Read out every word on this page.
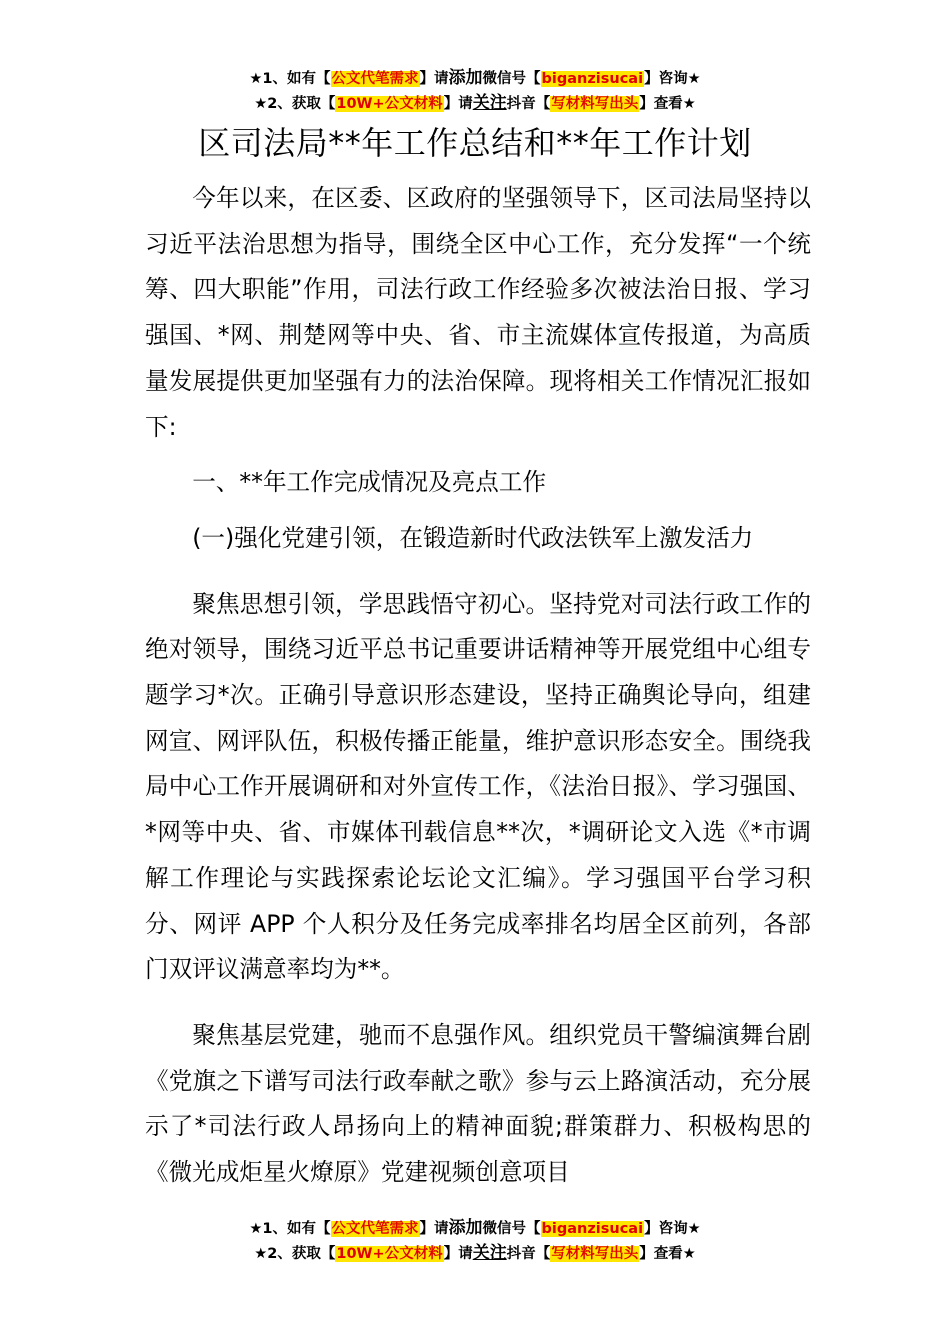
★1、如有【公文代笔需求】请添加微信号【biganzisucai】咨询★
★2、获取【10W+公文材料】请关注抖音【写材料写出头】查看★
区司法局**年工作总结和**年工作计划

今年以来，在区委、区政府的坚强领导下，区司法局坚持以习近平法治思想为指导，围绕全区中心工作，充分发挥“一个统筹、四大职能”作用，司法行政工作经验多次被法治日报、学习强国、*网、荆楚网等中央、省、市主流媒体宣传报道，为高质量发展提供更加坚强有力的法治保障。现将相关工作情况汇报如下:

一、**年工作完成情况及亮点工作

(一)强化党建引领，在锻造新时代政法铁军上激发活力

聚焦思想引领，学思践悟守初心。坚持党对司法行政工作的绝对领导，围绕习近平总书记重要讲话精神等开展党组中心组专题学习*次。正确引导意识形态建设，坚持正确舆论导向，组建网宣、网评队伍，积极传播正能量，维护意识形态安全。围绕我局中心工作开展调研和对外宣传工作，《法治日报》、学习强国、*网等中央、省、市媒体刊载信息**次，*调研论文入选《*市调解工作理论与实践探索论坛论文汇编》。学习强国平台学习积分、网评 APP 个人积分及任务完成率排名均居全区前列，各部门双评议满意率均为**。

聚焦基层党建，驰而不息强作风。组织党员干警编演舞台剧《党旗之下谱写司法行政奉献之歌》参与云上路演活动，充分展示了*司法行政人昂扬向上的精神面貌;群策群力、积极构思的《微光成炬星火燎原》党建视频创意项目

★1、如有【公文代笔需求】请添加微信号【biganzisucai】咨询★
★2、获取【10W+公文材料】请关注抖音【写材料写出头】查看★
